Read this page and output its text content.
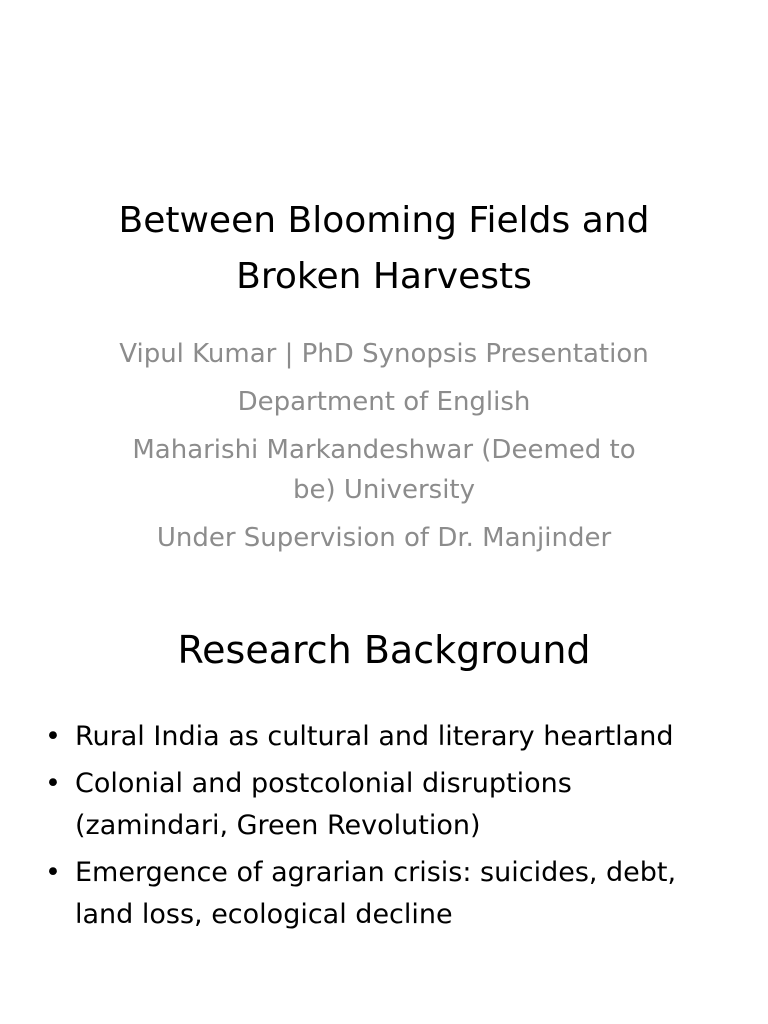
Between Blooming Fields and Broken Harvests

Vipul Kumar | PhD Synopsis Presentation

Department of English

Maharishi Markandeshwar (Deemed to be) University

Under Supervision of Dr. Manjinder

Research Background
• Rural India as cultural and literary heartland
• Colonial and postcolonial disruptions (zamindari, Green Revolution)
• Emergence of agrarian crisis: suicides, debt, land loss, ecological decline
